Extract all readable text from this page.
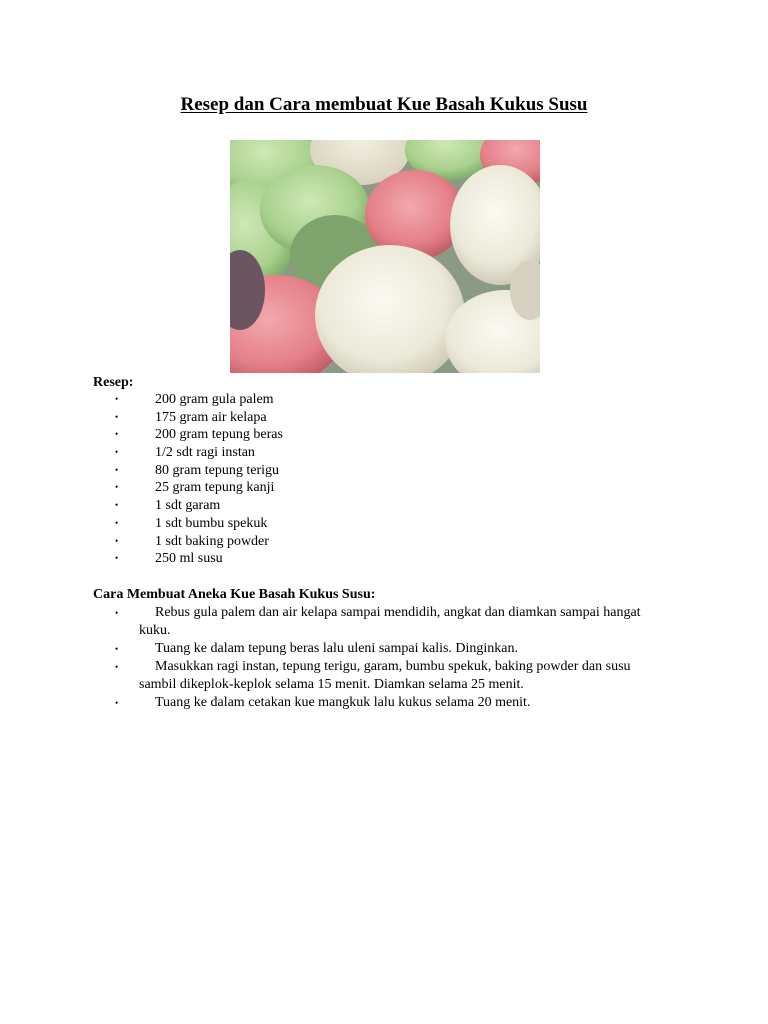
Resep dan Cara membuat Kue Basah Kukus Susu
Resep:
•	200 gram gula palem
•	175 gram air kelapa
•	200 gram tepung beras
•	1/2 sdt ragi instan
•	80 gram tepung terigu
•	25 gram tepung kanji
•	1 sdt garam
•	1 sdt bumbu spekuk
•	1 sdt baking powder
•	250 ml susu
Cara Membuat Aneka Kue Basah Kukus Susu:
•	Rebus gula palem dan air kelapa sampai mendidih, angkat dan diamkan sampai hangat kuku.
•	Tuang ke dalam tepung beras lalu uleni sampai kalis. Dinginkan.
•	Masukkan ragi instan, tepung terigu, garam, bumbu spekuk, baking powder dan susu sambil dikeplok-keplok selama 15 menit. Diamkan selama 25 menit.
•	Tuang ke dalam cetakan kue mangkuk lalu kukus selama 20 menit.
